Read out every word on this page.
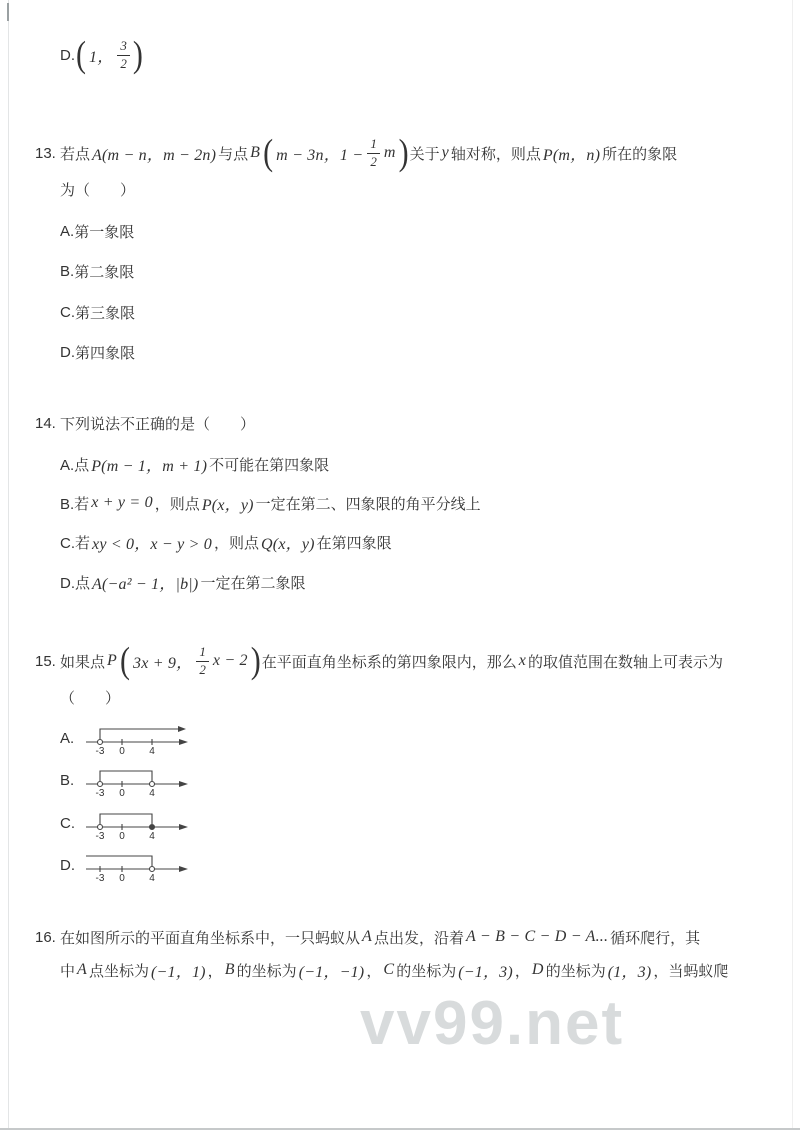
D. ( 1， $\frac{3}{2}$ )
13. 若点 A(m − n，m − 2n) 与点 B ( m − 3n，$1 - \frac{1}{2}$ m ) 关于 y 轴对称，则点 P(m，n) 所在的象限
为（　　）
A. 第一象限
B. 第二象限
C. 第三象限
D. 第四象限
14. 下列说法不正确的是（　　）
A.点 P(m − 1，m + 1) 不可能在第四象限
B.若 x + y = 0 ，则点 P(x，y) 一定在第二、四象限的角平分线上
C.若 xy < 0，x − y > 0 ，则点 Q(x，y) 在第四象限
D.点 A(−a² − 1，|b|) 一定在第二象限
15. 如果点 P ( 3x + 9， $\frac{1}{2}$ x − 2 ) 在平面直角坐标系的第四象限内，那么 x 的取值范围在数轴上可表示为
（　　）
A.
-3 0 4
B.
-3 0 4
C.
-3 0 4
D.
-3 0 4
16. 在如图所示的平面直角坐标系中，一只蚂蚁从 A 点出发，沿着 A − B − C − D − A... 循环爬行，其
中 A 点坐标为 (−1，1) ， B 的坐标为 (−1，−1) ， C 的坐标为 (−1，3) ， D 的坐标为 (1，3) ，当蚂蚁爬
vv99.net
